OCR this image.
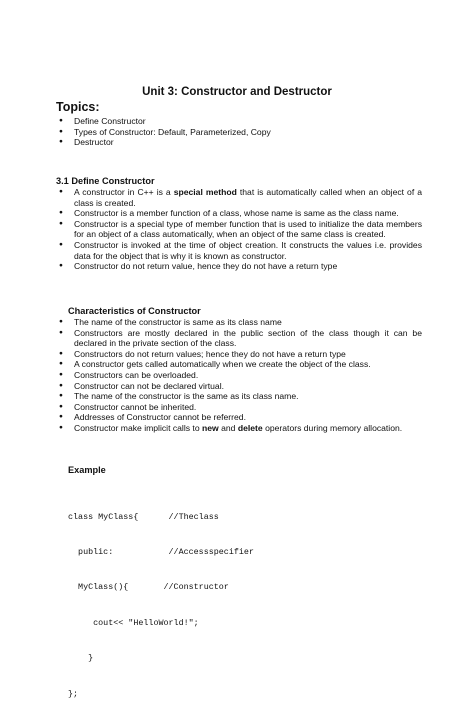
Unit 3: Constructor and Destructor
Topics:
● Define Constructor
● Types of Constructor: Default, Parameterized, Copy
● Destructor
3.1 Define Constructor
● A constructor in C++ is a special method that is automatically called when an object of a class is created.
● Constructor is a member function of a class, whose name is same as the class name.
● Constructor is a special type of member function that is used to initialize the data members for an object of a class automatically, when an object of the same class is created.
● Constructor is invoked at the time of object creation. It constructs the values i.e. provides data for the object that is why it is known as constructor.
● Constructor do not return value, hence they do not have a return type
Characteristics of Constructor
● The name of the constructor is same as its class name
● Constructors are mostly declared in the public section of the class though it can be declared in the private section of the class.
● Constructors do not return values; hence they do not have a return type
● A constructor gets called automatically when we create the object of the class.
● Constructors can be overloaded.
● Constructor can not be declared virtual.
● The name of the constructor is the same as its class name.
● Constructor cannot be inherited.
● Addresses of Constructor cannot be referred.
● Constructor make implicit calls to new and delete operators during memory allocation.
Example

class MyClass{      //Theclass

public:           //Accessspecifier

MyClass(){       //Constructor

cout<< "HelloWorld!";

}

};
